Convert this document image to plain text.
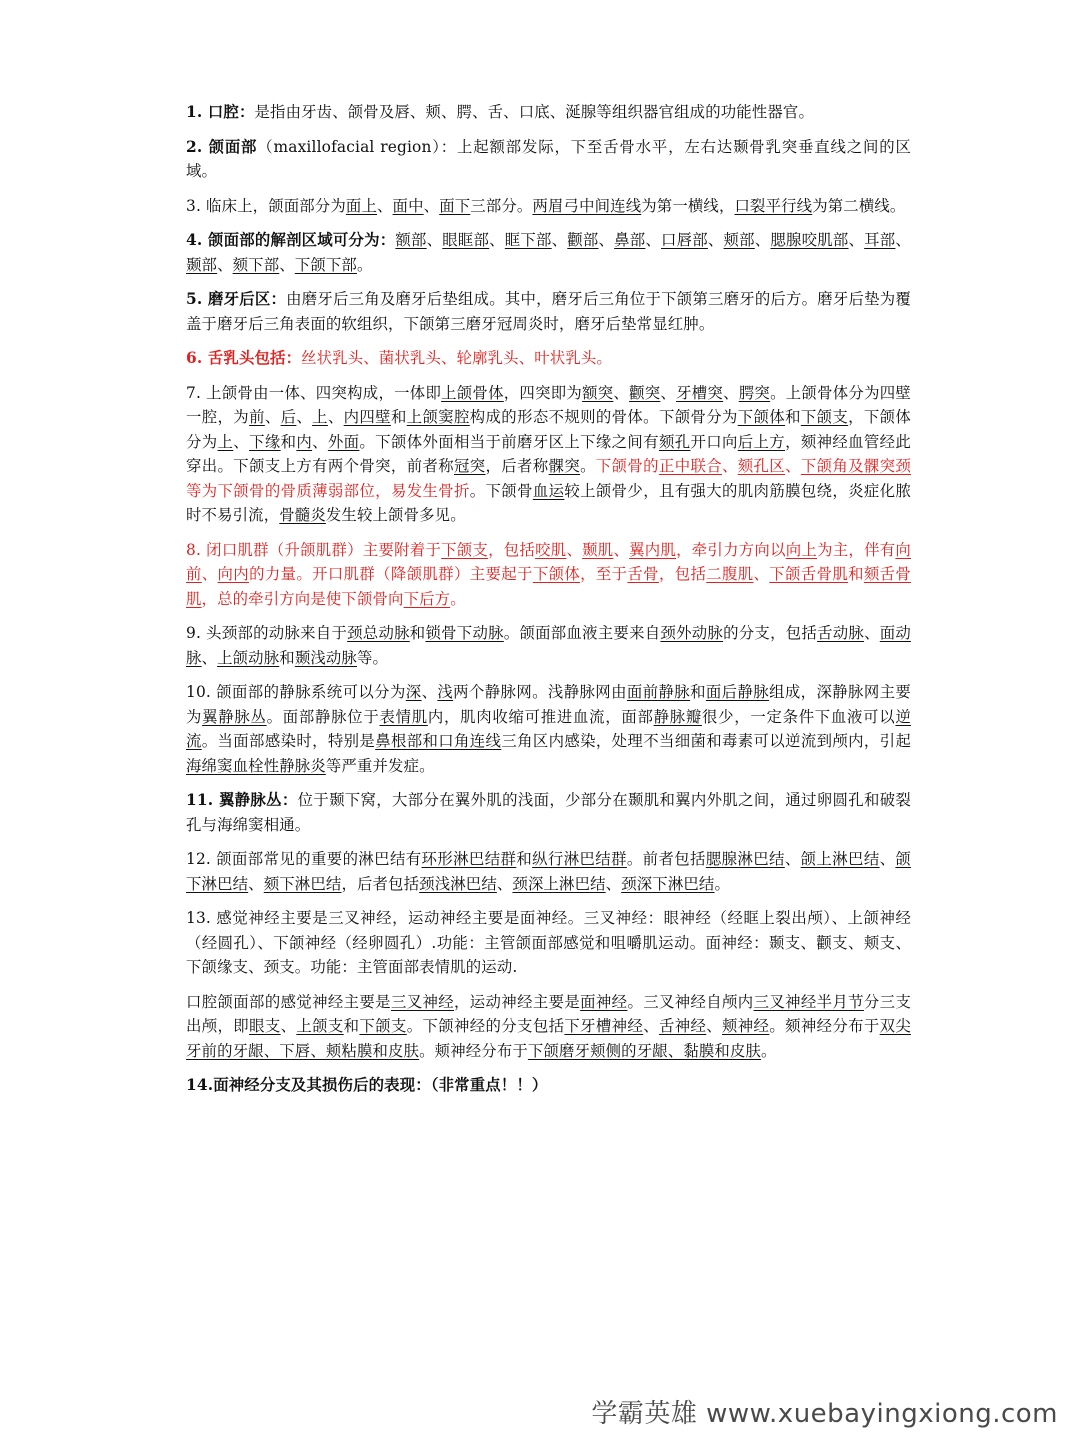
1. 口腔：是指由牙齿、颌骨及唇、颊、腭、舌、口底、涎腺等组织器官组成的功能性器官。

2. 颌面部（maxillofacial region）：上起额部发际，下至舌骨水平，左右达颞骨乳突垂直线之间的区域。

3. 临床上，颌面部分为面上、面中、面下三部分。两眉弓中间连线为第一横线，口裂平行线为第二横线。

4. 颌面部的解剖区域可分为：额部、眼眶部、眶下部、颧部、鼻部、口唇部、颊部、腮腺咬肌部、耳部、颞部、颏下部、下颌下部。

5. 磨牙后区：由磨牙后三角及磨牙后垫组成。其中，磨牙后三角位于下颌第三磨牙的后方。磨牙后垫为覆盖于磨牙后三角表面的软组织，下颌第三磨牙冠周炎时，磨牙后垫常显红肿。

6. 舌乳头包括：丝状乳头、菌状乳头、轮廓乳头、叶状乳头。

7. 上颌骨由一体、四突构成，一体即上颌骨体，四突即为额突、颧突、牙槽突、腭突。上颌骨体分为四壁一腔，为前、后、上、内四壁和上颌窦腔构成的形态不规则的骨体。下颌骨分为下颌体和下颌支，下颌体分为上、下缘和内、外面。下颌体外面相当于前磨牙区上下缘之间有颏孔开口向后上方，颏神经血管经此穿出。下颌支上方有两个骨突，前者称冠突，后者称髁突。下颌骨的正中联合、颏孔区、下颌角及髁突颈等为下颌骨的骨质薄弱部位，易发生骨折。下颌骨血运较上颌骨少，且有强大的肌肉筋膜包绕，炎症化脓时不易引流，骨髓炎发生较上颌骨多见。

8. 闭口肌群（升颌肌群）主要附着于下颌支，包括咬肌、颞肌、翼内肌，牵引力方向以向上为主，伴有向前、向内的力量。开口肌群（降颌肌群）主要起于下颌体，至于舌骨，包括二腹肌、下颌舌骨肌和颏舌骨肌，总的牵引方向是使下颌骨向下后方。

9. 头颈部的动脉来自于颈总动脉和锁骨下动脉。颌面部血液主要来自颈外动脉的分支，包括舌动脉、面动脉、上颌动脉和颞浅动脉等。

10. 颌面部的静脉系统可以分为深、浅两个静脉网。浅静脉网由面前静脉和面后静脉组成，深静脉网主要为翼静脉丛。面部静脉位于表情肌内，肌肉收缩可推进血流，面部静脉瓣很少，一定条件下血液可以逆流。当面部感染时，特别是鼻根部和口角连线三角区内感染，处理不当细菌和毒素可以逆流到颅内，引起海绵窦血栓性静脉炎等严重并发症。

11. 翼静脉丛：位于颞下窝，大部分在翼外肌的浅面，少部分在颞肌和翼内外肌之间，通过卵圆孔和破裂孔与海绵窦相通。

12. 颌面部常见的重要的淋巴结有环形淋巴结群和纵行淋巴结群。前者包括腮腺淋巴结、颌上淋巴结、颌下淋巴结、颏下淋巴结，后者包括颈浅淋巴结、颈深上淋巴结、颈深下淋巴结。

13. 感觉神经主要是三叉神经，运动神经主要是面神经。三叉神经：眼神经（经眶上裂出颅）、上颌神经（经圆孔）、下颌神经（经卵圆孔）.功能：主管颌面部感觉和咀嚼肌运动。面神经：颞支、颧支、颊支、下颌缘支、颈支。功能：主管面部表情肌的运动.

口腔颌面部的感觉神经主要是三叉神经，运动神经主要是面神经。三叉神经自颅内三叉神经半月节分三支出颅，即眼支、上颌支和下颌支。下颌神经的分支包括下牙槽神经、舌神经、颊神经。颏神经分布于双尖牙前的牙龈、下唇、颊粘膜和皮肤。颊神经分布于下颌磨牙颊侧的牙龈、黏膜和皮肤。

14.面神经分支及其损伤后的表现：（非常重点！！）

学霸英雄 www.xuebayingxiong.com
